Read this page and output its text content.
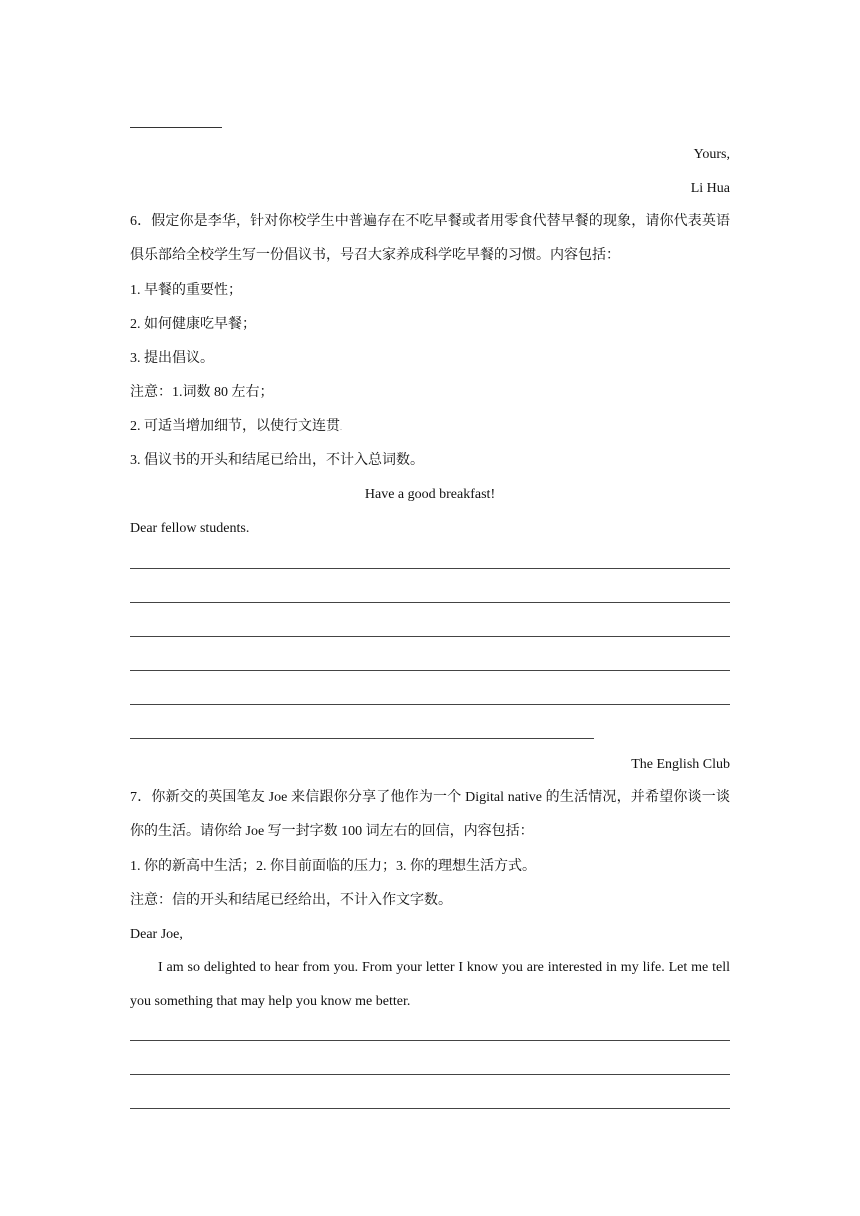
Yours,
Li Hua
6．假定你是李华，针对你校学生中普遍存在不吃早餐或者用零食代替早餐的现象，请你代表英语俱乐部给全校学生写一份倡议书，号召大家养成科学吃早餐的习惯。内容包括：
1. 早餐的重要性；
2. 如何健康吃早餐；
3. 提出倡议。
注意：1.词数 80 左右；
2. 可适当增加细节，以使行文连贯.
3. 倡议书的开头和结尾已给出，不计入总词数。
Have a good breakfast!
Dear fellow students.
The English Club
7．你新交的英国笔友 Joe 来信跟你分享了他作为一个 Digital native 的生活情况，并希望你谈一谈你的生活。请你给 Joe 写一封字数 100 词左右的回信，内容包括：
1. 你的新高中生活；2. 你目前面临的压力；3. 你的理想生活方式。
注意：信的开头和结尾已经给出，不计入作文字数。
Dear Joe,
I am so delighted to hear from you. From your letter I know you are interested in my life. Let me tell you something that may help you know me better.
